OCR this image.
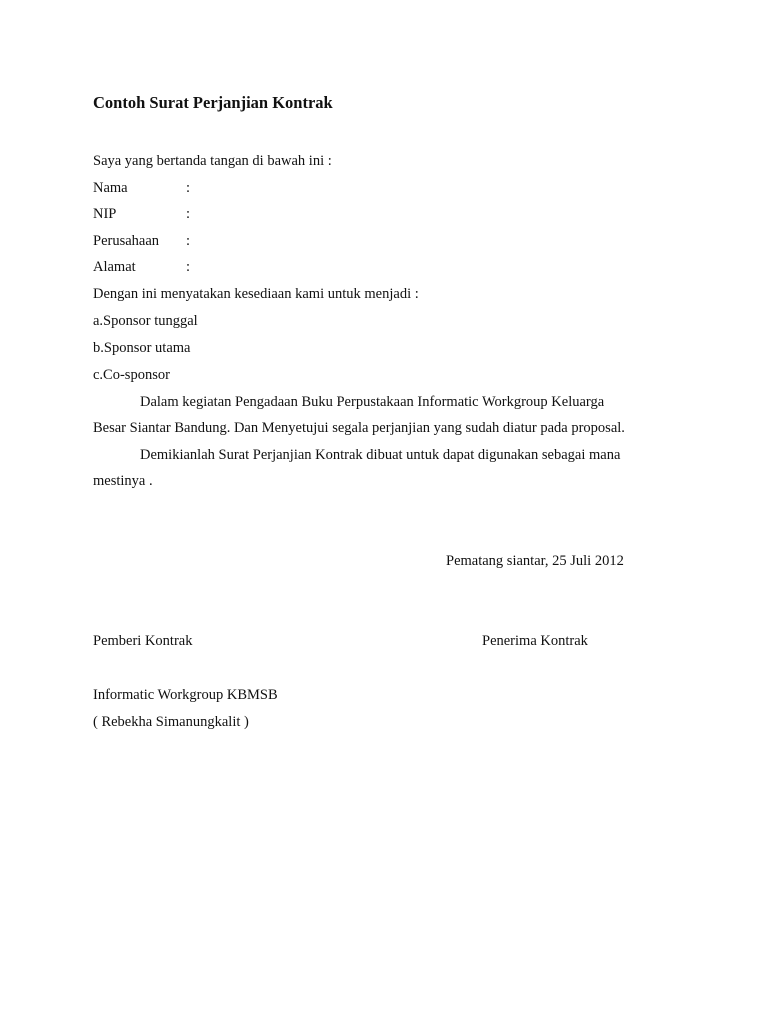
Contoh Surat Perjanjian Kontrak
Saya yang bertanda tangan di bawah ini :
Nama	:
NIP	:
Perusahaan :
Alamat	:
Dengan ini menyatakan kesediaan kami untuk menjadi :
a.Sponsor tunggal
b.Sponsor utama
c.Co-sponsor
Dalam kegiatan Pengadaan Buku Perpustakaan Informatic Workgroup Keluarga
Besar Siantar Bandung. Dan Menyetujui segala perjanjian yang sudah diatur pada proposal.
Demikianlah Surat Perjanjian Kontrak dibuat untuk dapat digunakan sebagai mana
mestinya .
Pematang siantar, 25 Juli 2012
Pemberi Kontrak	Penerima Kontrak
Informatic Workgroup KBMSB
( Rebekha Simanungkalit )
